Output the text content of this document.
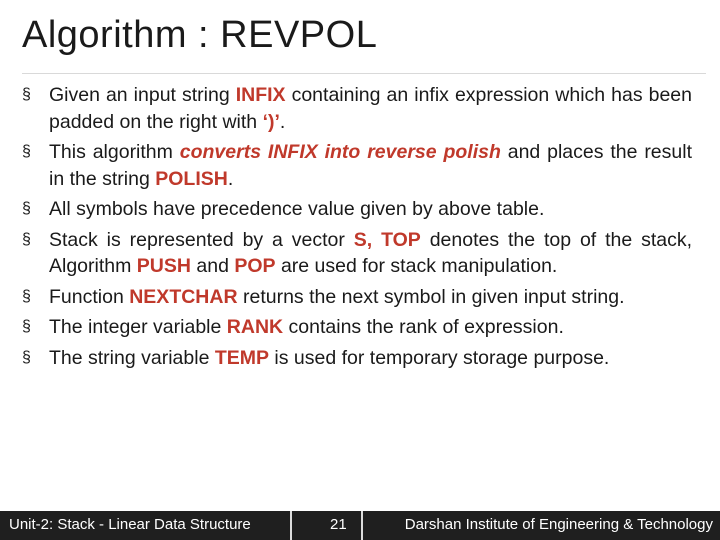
Algorithm : REVPOL
§ Given an input string INFIX containing an infix expression which has been padded on the right with ‘)’.
§ This algorithm converts INFIX into reverse polish and places the result in the string POLISH.
§ All symbols have precedence value given by above table.
§ Stack is represented by a vector S, TOP denotes the top of the stack, Algorithm PUSH and POP are used for stack manipulation.
§ Function NEXTCHAR returns the next symbol in given input string.
§ The integer variable RANK contains the rank of expression.
§ The string variable TEMP is used for temporary storage purpose.
Unit-2: Stack - Linear Data Structure	21	Darshan Institute of Engineering & Technology
